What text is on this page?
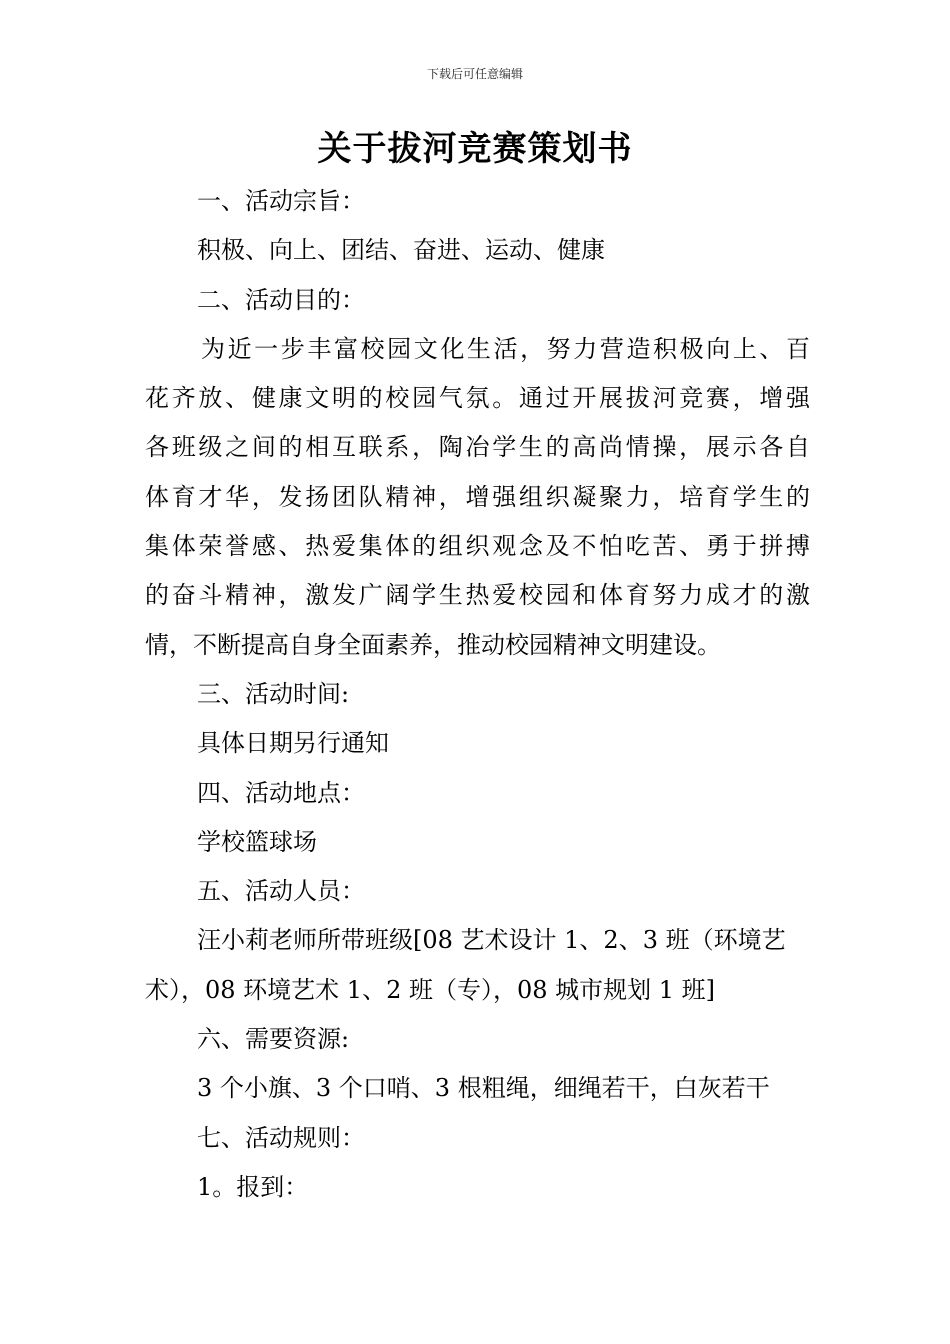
下载后可任意编辑
关于拔河竞赛策划书
一、活动宗旨：
积极、向上、团结、奋进、运动、健康
二、活动目的：
为近一步丰富校园文化生活，努力营造积极向上、百
花齐放、健康文明的校园气氛。通过开展拔河竞赛，增强
各班级之间的相互联系，陶冶学生的高尚情操，展示各自
体育才华，发扬团队精神，增强组织凝聚力，培育学生的
集体荣誉感、热爱集体的组织观念及不怕吃苦、勇于拼搏
的奋斗精神，激发广阔学生热爱校园和体育努力成才的激
情，不断提高自身全面素养，推动校园精神文明建设。
三、活动时间:
具体日期另行通知
四、活动地点：
学校篮球场
五、活动人员：
汪小莉老师所带班级[08 艺术设计 1、2、3 班（环境艺
术），08 环境艺术 1、2 班（专），08 城市规划 1 班]
六、需要资源:
3 个小旗、3 个口哨、3 根粗绳，细绳若干，白灰若干
七、活动规则：
1。报到：
